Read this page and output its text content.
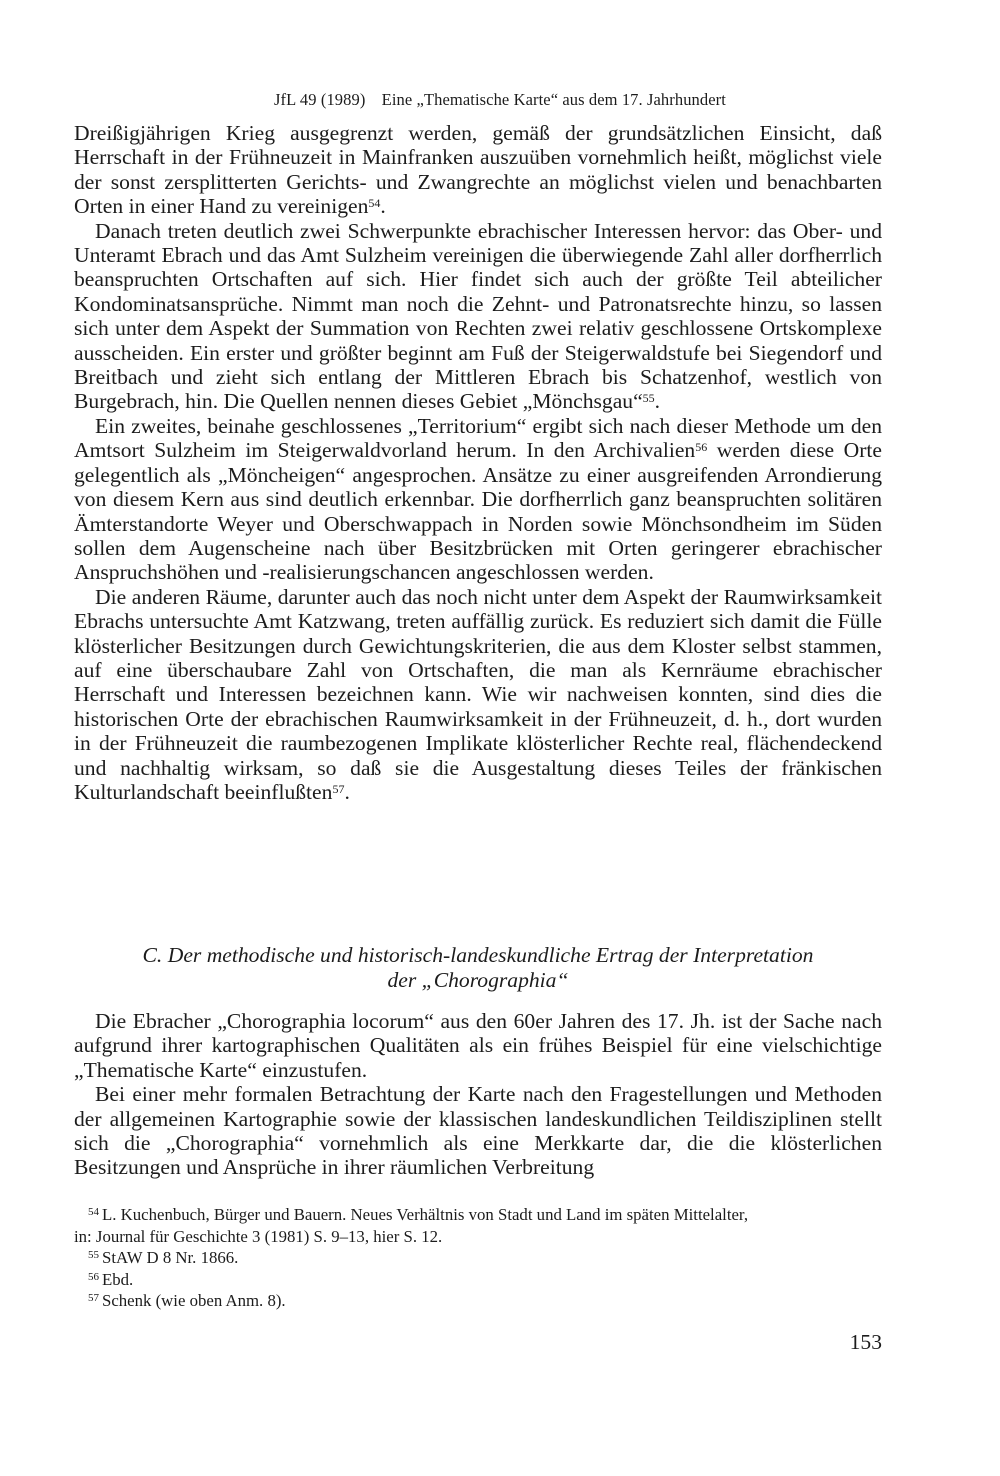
JfL 49 (1989) Eine „Thematische Karte“ aus dem 17. Jahrhundert

Dreißigjährigen Krieg ausgegrenzt werden, gemäß der grundsätzlichen Einsicht, daß Herrschaft in der Frühneuzeit in Mainfranken auszuüben vornehmlich heißt, möglichst viele der sonst zersplitterten Gerichts- und Zwangrechte an möglichst vielen und benachbarten Orten in einer Hand zu vereinigen$^{54}$.

Danach treten deutlich zwei Schwerpunkte ebrachischer Interessen hervor: das Ober- und Unteramt Ebrach und das Amt Sulzheim vereinigen die überwiegende Zahl aller dorfherrlich beanspruchten Ortschaften auf sich. Hier findet sich auch der größte Teil abteilicher Kondominatsansprüche. Nimmt man noch die Zehnt- und Patronatsrechte hinzu, so lassen sich unter dem Aspekt der Summation von Rechten zwei relativ geschlossene Ortskomplexe ausscheiden. Ein erster und größter beginnt am Fuß der Steigerwaldstufe bei Siegendorf und Breitbach und zieht sich entlang der Mittleren Ebrach bis Schatzenhof, westlich von Burgebrach, hin. Die Quellen nennen dieses Gebiet „Mönchsgau“$^{55}$.

Ein zweites, beinahe geschlossenes „Territorium“ ergibt sich nach dieser Methode um den Amtsort Sulzheim im Steigerwaldvorland herum. In den Archivalien$^{56}$ werden diese Orte gelegentlich als „Möncheigen“ angesprochen. Ansätze zu einer ausgreifenden Arrondierung von diesem Kern aus sind deutlich erkennbar. Die dorfherrlich ganz beanspruchten solitären Ämterstandorte Weyer und Oberschwappach in Norden sowie Mönchsondheim im Süden sollen dem Augenscheine nach über Besitzbrücken mit Orten geringerer ebrachischer Anspruchshöhen und -realisierungschancen angeschlossen werden.

Die anderen Räume, darunter auch das noch nicht unter dem Aspekt der Raumwirksamkeit Ebrachs untersuchte Amt Katzwang, treten auffällig zurück. Es reduziert sich damit die Fülle klösterlicher Besitzungen durch Gewichtungskriterien, die aus dem Kloster selbst stammen, auf eine überschaubare Zahl von Ortschaften, die man als Kernräume ebrachischer Herrschaft und Interessen bezeichnen kann. Wie wir nachweisen konnten, sind dies die historischen Orte der ebrachischen Raumwirksamkeit in der Frühneuzeit, d. h., dort wurden in der Frühneuzeit die raumbezogenen Implikate klösterlicher Rechte real, flächendeckend und nachhaltig wirksam, so daß sie die Ausgestaltung dieses Teiles der fränkischen Kulturlandschaft beeinflußten$^{57}$.

C. Der methodische und historisch-landeskundliche Ertrag der Interpretation
der „Chorographia“

Die Ebracher „Chorographia locorum“ aus den 60er Jahren des 17. Jh. ist der Sache nach aufgrund ihrer kartographischen Qualitäten als ein frühes Beispiel für eine vielschichtige „Thematische Karte“ einzustufen.

Bei einer mehr formalen Betrachtung der Karte nach den Fragestellungen und Methoden der allgemeinen Kartographie sowie der klassischen landeskundlichen Teildisziplinen stellt sich die „Chorographia“ vornehmlich als eine Merkkarte dar, die die klösterlichen Besitzungen und Ansprüche in ihrer räumlichen Verbreitung

$^{54}$ L. Kuchenbuch, Bürger und Bauern. Neues Verhältnis von Stadt und Land im späten Mittelalter,

in: Journal für Geschichte 3 (1981) S. 9–13, hier S. 12.

$^{55}$ StAW D 8 Nr. 1866.

$^{56}$ Ebd.

$^{57}$ Schenk (wie oben Anm. 8).

153
